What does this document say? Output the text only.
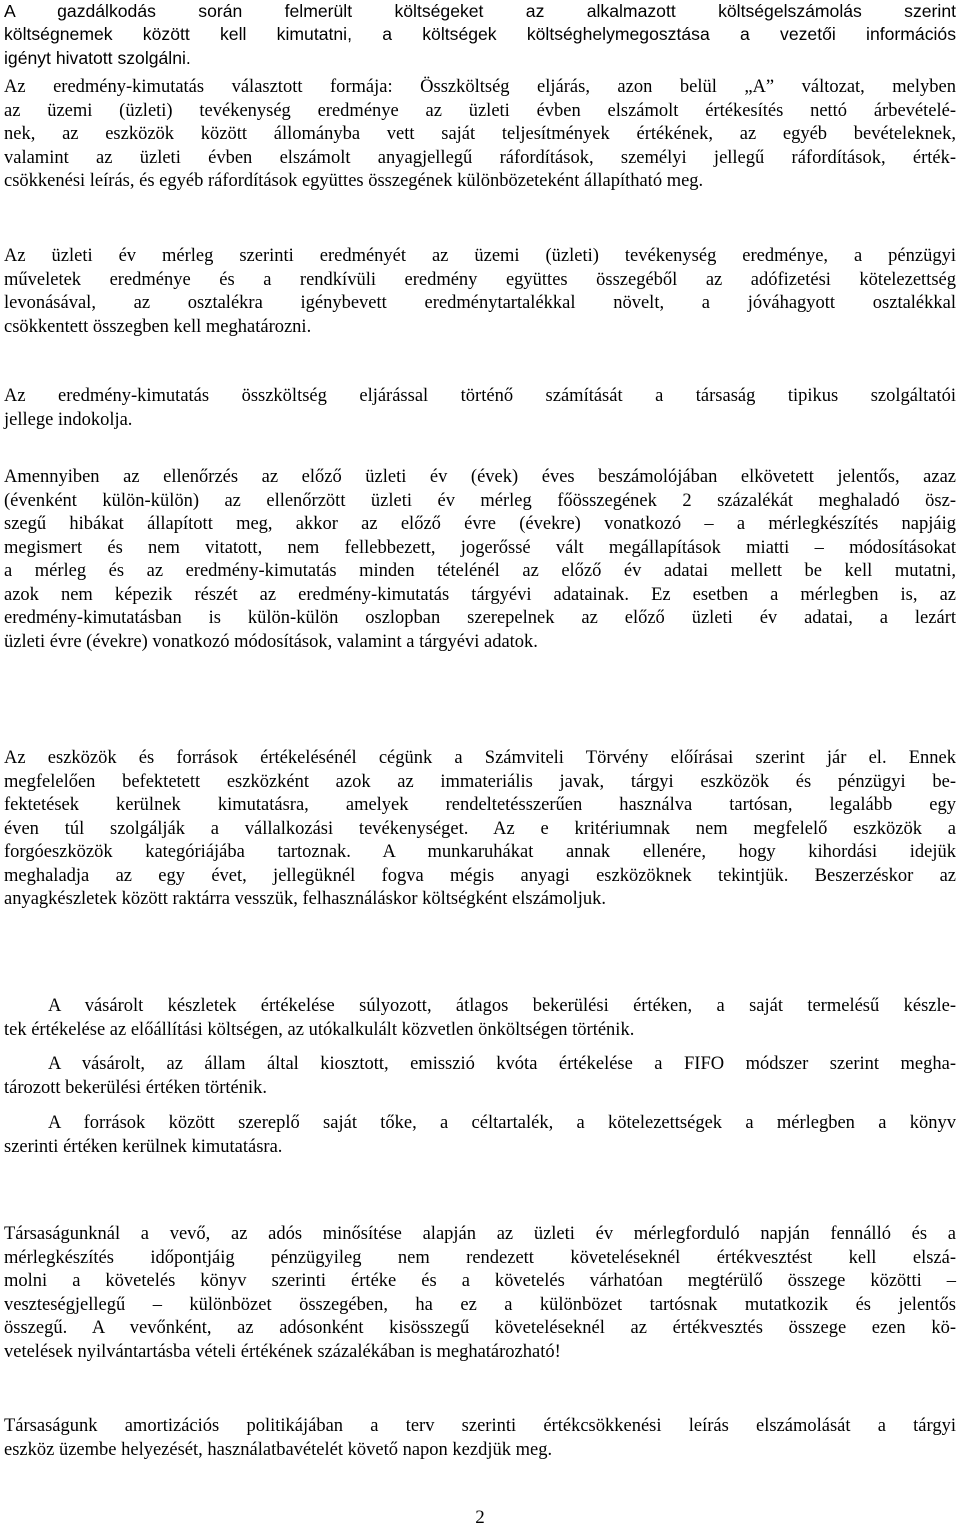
A gazdálkodás során felmerült költségeket az alkalmazott költségelszámolás szerint
költségnemek között kell kimutatni, a költségek költséghelymegosztása a vezetői információs
igényt hivatott szolgálni.
Az eredmény-kimutatás választott formája: Összköltség eljárás, azon belül „A” változat, melyben
az üzemi (üzleti) tevékenység eredménye az üzleti évben elszámolt értékesítés nettó árbevételé-
nek, az eszközök között állományba vett saját teljesítmények értékének, az egyéb bevételeknek,
valamint az üzleti évben elszámolt anyagjellegű ráfordítások, személyi jellegű ráfordítások, érték-
csökkenési leírás, és egyéb ráfordítások együttes összegének különbözeteként állapítható meg.
Az üzleti év mérleg szerinti eredményét az üzemi (üzleti) tevékenység eredménye, a pénzügyi
műveletek eredménye és a rendkívüli eredmény együttes összegéből az adófizetési kötelezettség
levonásával, az osztalékra igénybevett eredménytartalékkal növelt, a jóváhagyott osztalékkal
csökkentett összegben kell meghatározni.
Az eredmény-kimutatás összköltség eljárással történő számítását a társaság tipikus szolgáltatói
jellege indokolja.
Amennyiben az ellenőrzés az előző üzleti év (évek) éves beszámolójában elkövetett jelentős, azaz
(évenként külön-külön) az ellenőrzött üzleti év mérleg főösszegének 2 százalékát meghaladó ösz-
szegű hibákat állapított meg, akkor az előző évre (évekre) vonatkozó – a mérlegkészítés napjáig
megismert és nem vitatott, nem fellebbezett, jogerőssé vált megállapítások miatti – módosításokat
a mérleg és az eredmény-kimutatás minden tételénél az előző év adatai mellett be kell mutatni,
azok nem képezik részét az eredmény-kimutatás tárgyévi adatainak. Ez esetben a mérlegben is, az
eredmény-kimutatásban is külön-külön oszlopban szerepelnek az előző üzleti év adatai, a lezárt
üzleti évre (évekre) vonatkozó módosítások, valamint a tárgyévi adatok.
Az eszközök és források értékelésénél cégünk a Számviteli Törvény előírásai szerint jár el. Ennek
megfelelően befektetett eszközként azok az immateriális javak, tárgyi eszközök és pénzügyi be-
fektetések kerülnek kimutatásra, amelyek rendeltetésszerűen használva tartósan, legalább egy
éven túl szolgálják a vállalkozási tevékenységet. Az e kritériumnak nem megfelelő eszközök a
forgóeszközök kategóriájába tartoznak. A munkaruhákat annak ellenére, hogy kihordási idejük
meghaladja az egy évet, jellegüknél fogva mégis anyagi eszközöknek tekintjük. Beszerzéskor az
anyagkészletek között raktárra vesszük, felhasználáskor költségként elszámoljuk.
A vásárolt készletek értékelése súlyozott, átlagos bekerülési értéken, a saját termelésű készle-
tek értékelése az előállítási költségen, az utókalkulált közvetlen önköltségen történik.
A vásárolt, az állam által kiosztott, emisszió kvóta értékelése a FIFO módszer szerint megha-
tározott bekerülési értéken történik.
A források között szereplő saját tőke, a céltartalék, a kötelezettségek a mérlegben a könyv
szerinti értéken kerülnek kimutatásra.
Társaságunknál a vevő, az adós minősítése alapján az üzleti év mérlegforduló napján fennálló és a
mérlegkészítés időpontjáig pénzügyileg nem rendezett követeléseknél értékvesztést kell elszá-
molni a követelés könyv szerinti értéke és a követelés várhatóan megtérülő összege közötti –
veszteségjellegű – különbözet összegében, ha ez a különbözet tartósnak mutatkozik és jelentős
összegű. A vevőnként, az adósonként kisösszegű követeléseknél az értékvesztés összege ezen kö-
vetelések nyilvántartásba vételi értékének százalékában is meghatározható!
Társaságunk amortizációs politikájában a terv szerinti értékcsökkenési leírás elszámolását a tárgyi
eszköz üzembe helyezését, használatbavételét követő napon kezdjük meg.
2
